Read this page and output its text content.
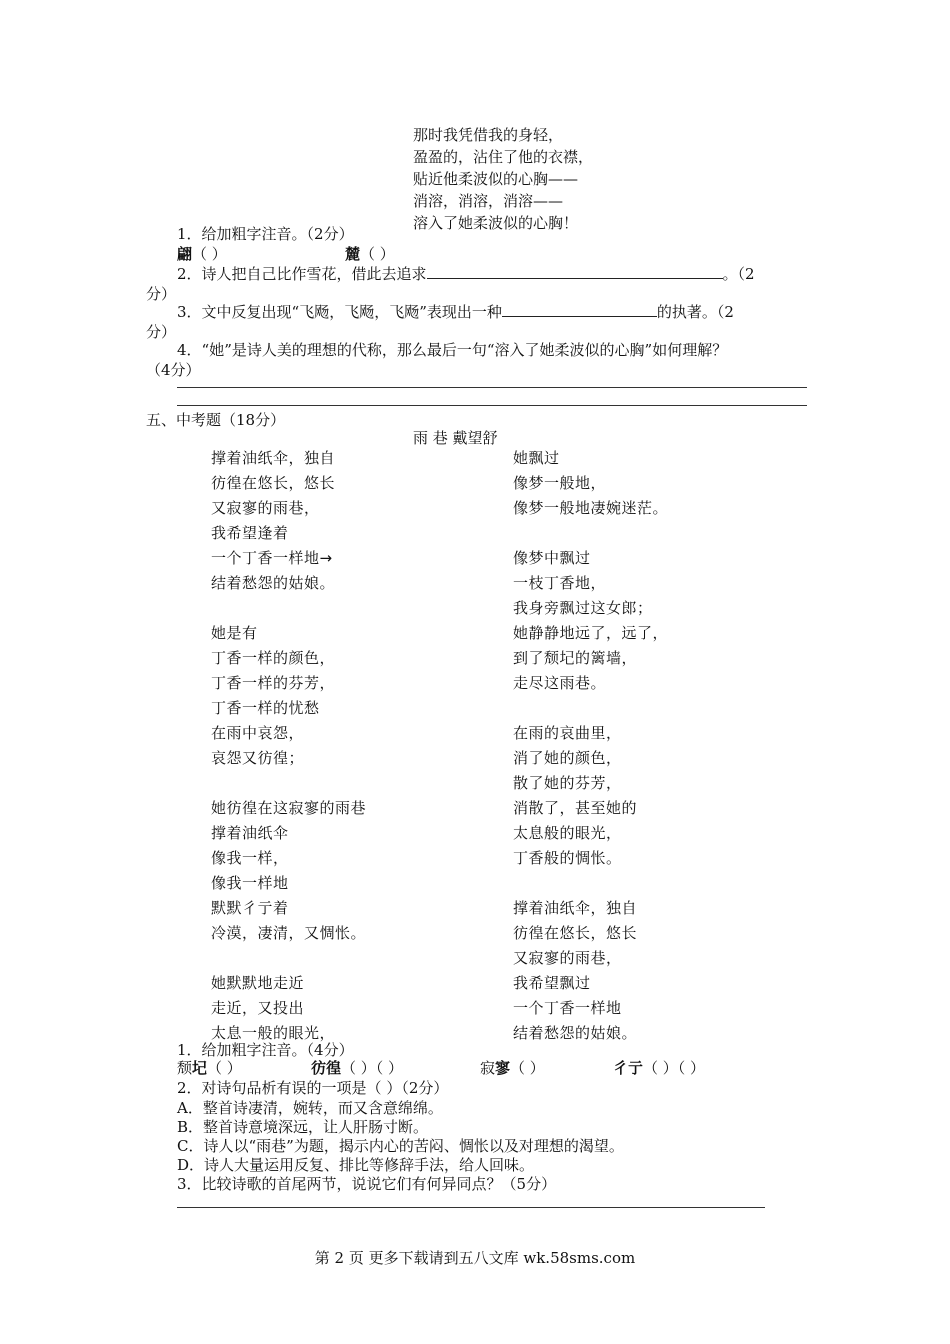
那时我凭借我的身轻，
盈盈的，沾住了他的衣襟，
贴近他柔波似的心胸——
消溶，消溶，消溶——
溶入了她柔波似的心胸！
1．给加粗字注音。（2分）
翩（ ）	麓（ ）
2．诗人把自己比作雪花，借此去追求	。（2
分）
3．文中反复出现“飞飏，飞飏，飞飏”表现出一种	的执著。（2
分）
4．“她”是诗人美的理想的代称，那么最后一句“溶入了她柔波似的心胸”如何理解？
（4分）
五、中考题（18分）
雨 巷 戴望舒
撑着油纸伞，独自
彷徨在悠长，悠长
又寂寥的雨巷，
我希望逢着
一个丁香一样地→
结着愁怨的姑娘。
她是有
丁香一样的颜色，
丁香一样的芬芳，
丁香一样的忧愁
在雨中哀怨，
哀怨又彷徨；
她彷徨在这寂寥的雨巷
撑着油纸伞
像我一样，
像我一样地
默默彳亍着
冷漠，凄清，又惆怅。
她默默地走近
走近，又投出
太息一般的眼光，
她飘过
像梦一般地，
像梦一般地凄婉迷茫。
像梦中飘过
一枝丁香地，
我身旁飘过这女郎；
她静静地远了，远了，
到了颓圮的篱墙，
走尽这雨巷。
在雨的哀曲里，
消了她的颜色，
散了她的芬芳，
消散了，甚至她的
太息般的眼光，
丁香般的惆怅。
撑着油纸伞，独自
彷徨在悠长，悠长
又寂寥的雨巷，
我希望飘过
一个丁香一样地
结着愁怨的姑娘。
1．给加粗字注音。（4分）
颓圮（ ）	彷徨（ ）（ ）	寂寥（ ）	彳亍（ ）（ ）
2．对诗句品析有误的一项是（ ）（2分）
A．整首诗凄清，婉转，而又含意绵绵。
B．整首诗意境深远，让人肝肠寸断。
C．诗人以“雨巷”为题，揭示内心的苦闷、惆怅以及对理想的渴望。
D．诗人大量运用反复、排比等修辞手法，给人回味。
3．比较诗歌的首尾两节，说说它们有何异同点？（5分）
第 2 页 更多下载请到五八文库 wk.58sms.com
